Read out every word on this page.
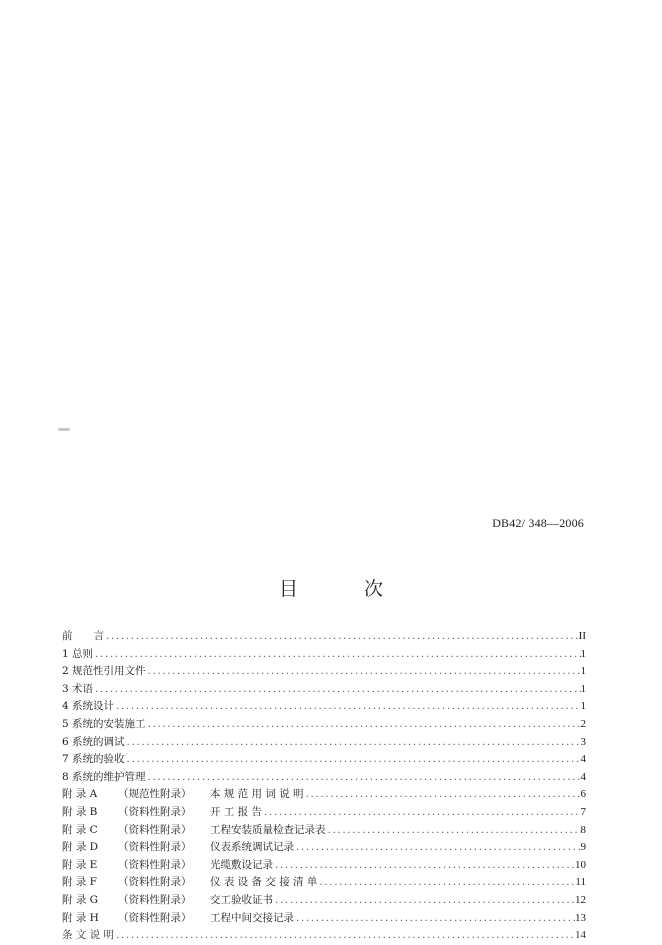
DB42/ 348—2006
目 次
前　　言 .....	II
1 总则 .....	1
2 规范性引用文件 .....	1
3 术语 .....	1
4 系统设计 .....	1
5 系统的安装施工 .....	2
6 系统的调试 .....	3
7 系统的验收 .....	4
8 系统的维护管理 .....	4
附 录 A （规范性附录） 本 规 范 用 词 说 明 .....	6
附 录 B （资料性附录） 开 工 报 告 .....	7
附 录 C （资料性附录） 工程安装质量检查记录表 .....	8
附 录 D （资料性附录） 仪表系统调试记录 .....	9
附 录 E （资料性附录） 光缆敷设记录 .....	10
附 录 F （资料性附录） 仪 表 设 备 交 接 清 单 .....	11
附 录 G （资料性附录） 交工验收证书 .....	12
附 录 H （资料性附录） 工程中间交接记录 .....	13
条 文 说 明 .....	14
